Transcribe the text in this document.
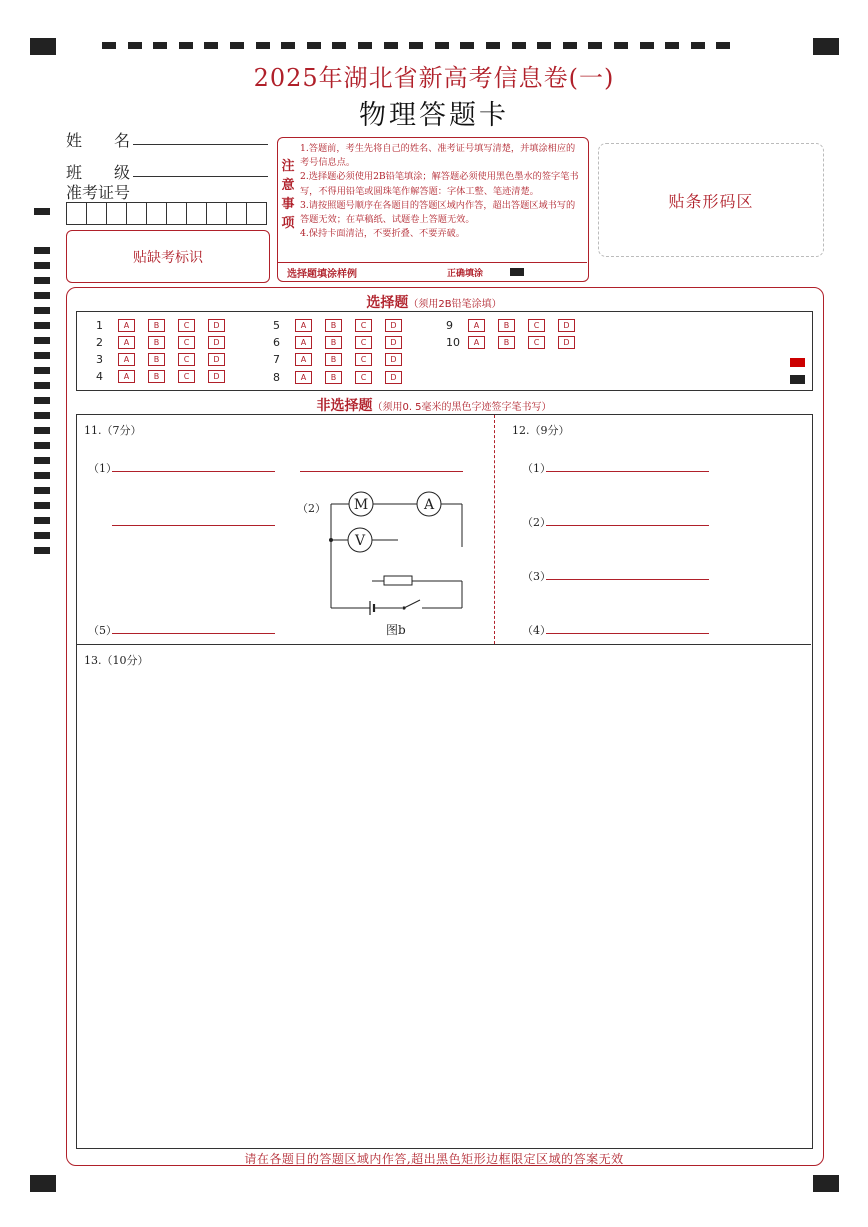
2025年湖北省新高考信息卷(一)
物理答题卡
姓　　名
班　　级
准考证号
贴缺考标识
注
意
事
项

1.答题前，考生先将自己的姓名、准考证号填写清楚，并填涂相应的考号信息点。

2.选择题必须使用2B铅笔填涂；解答题必须使用黑色墨水的签字笔书写，不得用铅笔或圆珠笔作解答题：字体工整、笔迹清楚。

3.请按照题号顺序在各题目的答题区域内作答，超出答题区域书写的答题无效；在草稿纸、试题卷上答题无效。

4.保持卡面清洁，不要折叠、不要弄破。

选择题填涂样例	正确填涂
贴条形码区
选择题（须用2B铅笔涂填）
1	A	B	C	D
2	A	B	C	D
3	A	B	C	D
4	A	B	C	D
5	A	B	C	D
6	A	B	C	D
7	A	B	C	D
8	A	B	C	D
9	A	B	C	D
10	A	B	C	D
非选择题（须用0. 5毫米的黑色字迹签字笔书写）
11.（7分）
（1）
（2）
（5）
M	A
V
图b
12.（9分）
（1）
（2）
（3）
（4）
13.（10分）
请在各题目的答题区域内作答,超出黑色矩形边框限定区域的答案无效
